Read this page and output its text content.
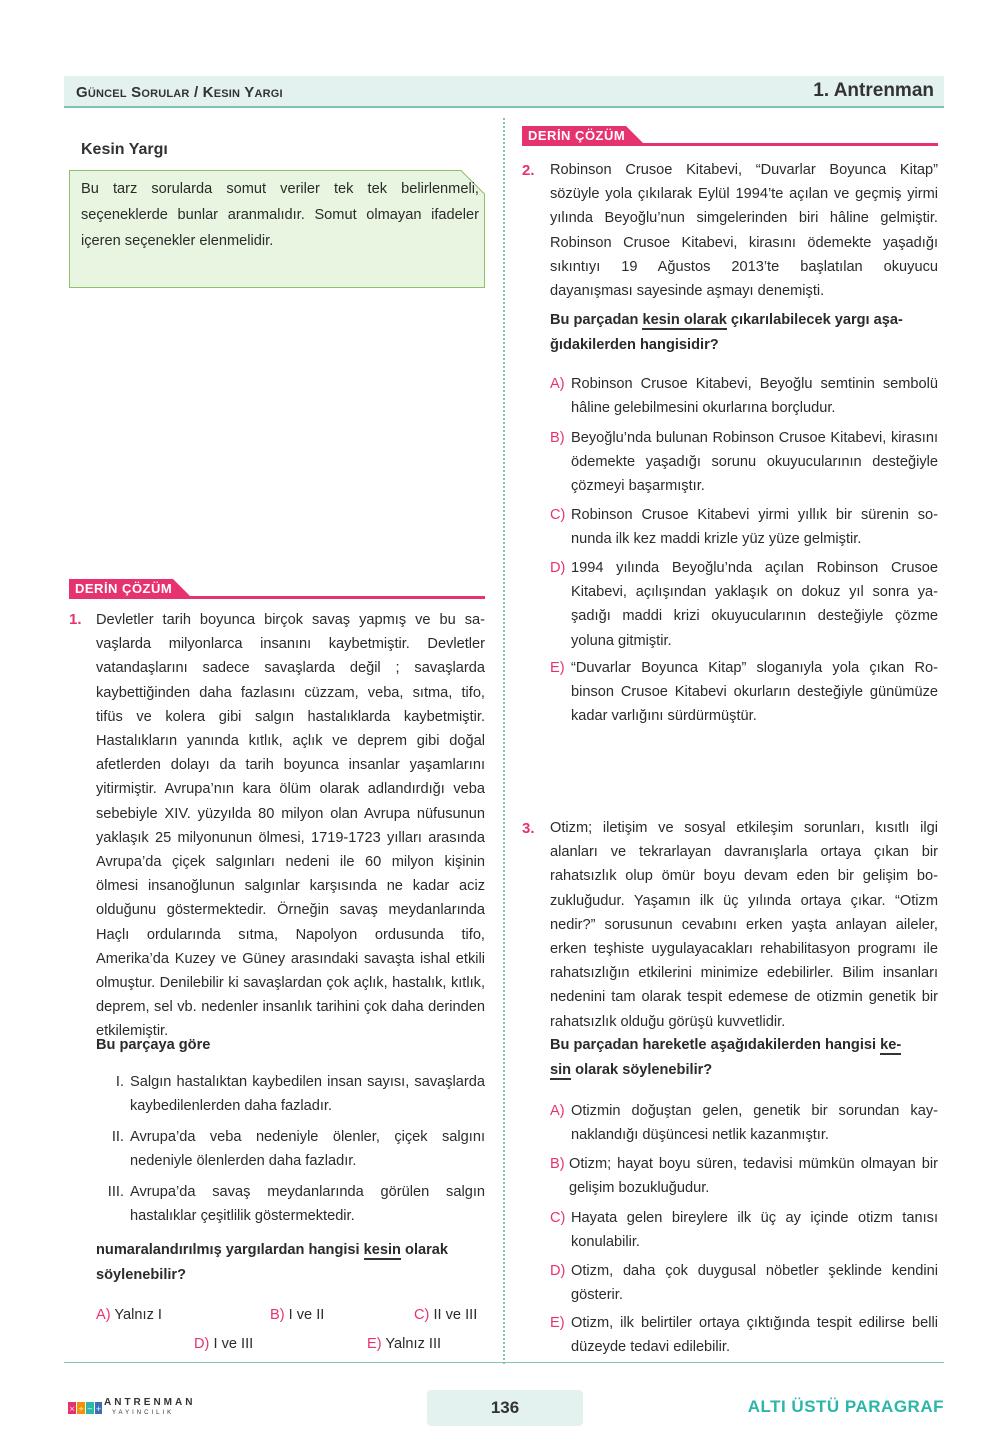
Güncel Sorular / Kesin Yargı	1. Antrenman
Kesin Yargı
Bu tarz sorularda somut veriler tek tek belirlenmeli, seçeneklerde bunlar aranmalıdır. Somut olmayan ifadeler içeren seçenekler elenmelidir.
DERİN ÇÖZÜM
1. Devletler tarih boyunca birçok savaş yapmış ve bu savaşlarda milyonlarca insanını kaybetmiştir. Devletler vatandaşlarını sadece savaşlarda değil ; savaşlarda kaybettiğinden daha fazlasını cüzzam, veba, sıtma, tifo, tifüs ve kolera gibi salgın hastalıklarda kaybetmiştir. Hastalıkların yanında kıtlık, açlık ve deprem gibi doğal afetlerden dolayı da tarih boyunca insanlar yaşamlarını yitirmiştir. Avrupa’nın kara ölüm olarak adlandırdığı veba sebebiyle XIV. yüzyılda 80 milyon olan Avrupa nüfusunun yaklaşık 25 milyonunun ölmesi, 1719-1723 yılları arasında Avrupa’da çiçek salgınları nedeni ile 60 milyon kişinin ölmesi insanoğlunun salgınlar karşısında ne kadar aciz olduğunu göstermektedir. Örneğin savaş meydanlarında Haçlı ordularında sıtma, Napolyon ordusunda tifo, Amerika’da Kuzey ve Güney arasındaki savaşta ishal etkili olmuştur. Denilebilir ki savaşlardan çok açlık, hastalık, kıtlık, deprem, sel vb. nedenler insanlık tarihini çok daha derinden etkilemiştir.
Bu parçaya göre
I. Salgın hastalıktan kaybedilen insan sayısı, savaşlarda kaybedilenlerden daha fazladır.
II. Avrupa’da veba nedeniyle ölenler, çiçek salgını nedeniyle ölenlerden daha fazladır.
III. Avrupa’da savaş meydanlarında görülen salgın hastalıklar çeşitlilik göstermektedir.
numaralandırılmış yargılardan hangisi kesin olarak
söylenebilir?
A) Yalnız I	B) I ve II	C) II ve III
D) I ve III	E) Yalnız III
DERİN ÇÖZÜM
2. Robinson Crusoe Kitabevi, “Duvarlar Boyunca Kitap” sözüyle yola çıkılarak Eylül 1994’te açılan ve geçmiş yirmi yılında Beyoğlu’nun simgelerinden biri hâline gelmiştir. Robinson Crusoe Kitabevi, kirasını ödemekte yaşadığı sıkıntıyı 19 Ağustos 2013’te başlatılan okuyucu dayanışması sayesinde aşmayı denemişti.
Bu parçadan kesin olarak çıkarılabilecek yargı aşa-
ğıdakilerden hangisidir?
A) Robinson Crusoe Kitabevi, Beyoğlu semtinin sembolü hâline gelebilmesini okurlarına borçludur.
B) Beyoğlu’nda bulunan Robinson Crusoe Kitabevi, kirasını ödemekte yaşadığı sorunu okuyucularının desteğiyle çözmeyi başarmıştır.
C) Robinson Crusoe Kitabevi yirmi yıllık bir sürenin sonunda ilk kez maddi krizle yüz yüze gelmiştir.
D) 1994 yılında Beyoğlu’nda açılan Robinson Crusoe Kitabevi, açılışından yaklaşık on dokuz yıl sonra yaşadığı maddi krizi okuyucularının desteğiyle çözme yoluna gitmiştir.
E) “Duvarlar Boyunca Kitap” sloganıyla yola çıkan Robinson Crusoe Kitabevi okurların desteğiyle günümüze kadar varlığını sürdürmüştür.
3. Otizm; iletişim ve sosyal etkileşim sorunları, kısıtlı ilgi alanları ve tekrarlayan davranışlarla ortaya çıkan bir rahatsızlık olup ömür boyu devam eden bir gelişim bozukluğudur. Yaşamın ilk üç yılında ortaya çıkar. “Otizm nedir?” sorusunun cevabını erken yaşta anlayan aileler, erken teşhiste uygulayacakları rehabilitasyon programı ile rahatsızlığın etkilerini minimize edebilirler. Bilim insanları nedenini tam olarak tespit edemese de otizmin genetik bir rahatsızlık olduğu görüşü kuvvetlidir.
Bu parçadan hareketle aşağıdakilerden hangisi ke-
sin olarak söylenebilir?
A) Otizmin doğuştan gelen, genetik bir sorundan kaynaklandığı düşüncesi netlik kazanmıştır.
B) Otizm; hayat boyu süren, tedavisi mümkün olmayan bir gelişim bozukluğudur.
C) Hayata gelen bireylere ilk üç ay içinde otizm tanısı konulabilir.
D) Otizm, daha çok duygusal nöbetler şeklinde kendini gösterir.
E) Otizm, ilk belirtiler ortaya çıktığında tespit edilirse belli düzeyde tedavi edilebilir.
× ÷ − +
ANTRENMAN
YAYINCILIK	136	ALTI ÜSTÜ PARAGRAF
